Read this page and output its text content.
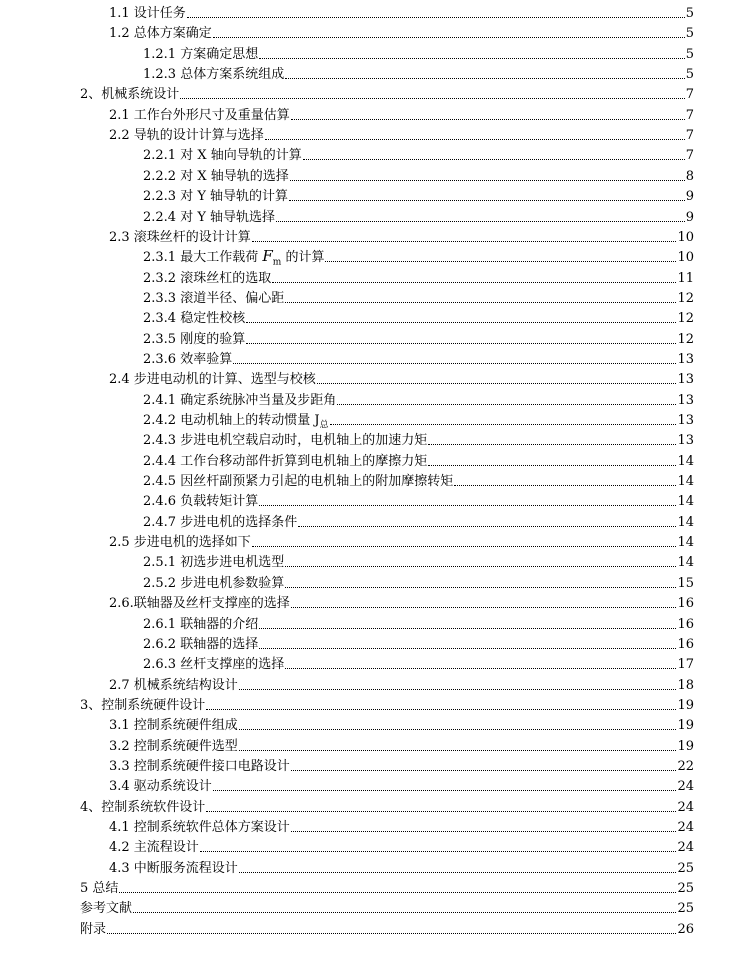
1.1 设计任务	5
1.2 总体方案确定	5
1.2.1 方案确定思想	5
1.2.3 总体方案系统组成	5
2、机械系统设计	7
2.1 工作台外形尺寸及重量估算	7
2.2 导轨的设计计算与选择	7
2.2.1 对 X 轴向导轨的计算	7
2.2.2 对 X 轴导轨的选择	8
2.2.3 对 Y 轴导轨的计算	9
2.2.4 对 Y 轴导轨选择	9
2.3 滚珠丝杆的设计计算	10
2.3.1 最大工作载荷 $F_m$ 的计算	10
2.3.2 滚珠丝杠的选取	11
2.3.3 滚道半径、偏心距	12
2.3.4 稳定性校核	12
2.3.5 刚度的验算	12
2.3.6 效率验算	13
2.4 步进电动机的计算、选型与校核	13
2.4.1 确定系统脉冲当量及步距角	13
2.4.2 电动机轴上的转动惯量 $J_总$	13
2.4.3 步进电机空载启动时，电机轴上的加速力矩	13
2.4.4 工作台移动部件折算到电机轴上的摩擦力矩	14
2.4.5 因丝杆副预紧力引起的电机轴上的附加摩擦转矩	14
2.4.6 负载转矩计算	14
2.4.7 步进电机的选择条件	14
2.5 步进电机的选择如下	14
2.5.1 初选步进电机选型	14
2.5.2 步进电机参数验算	15
2.6.联轴器及丝杆支撑座的选择	16
2.6.1 联轴器的介绍	16
2.6.2 联轴器的选择	16
2.6.3 丝杆支撑座的选择	17
2.7 机械系统结构设计	18
3、控制系统硬件设计	19
3.1 控制系统硬件组成	19
3.2 控制系统硬件选型	19
3.3 控制系统硬件接口电路设计	22
3.4 驱动系统设计	24
4、控制系统软件设计	24
4.1 控制系统软件总体方案设计	24
4.2 主流程设计	24
4.3 中断服务流程设计	25
5 总结	25
参考文献	25
附录	26
